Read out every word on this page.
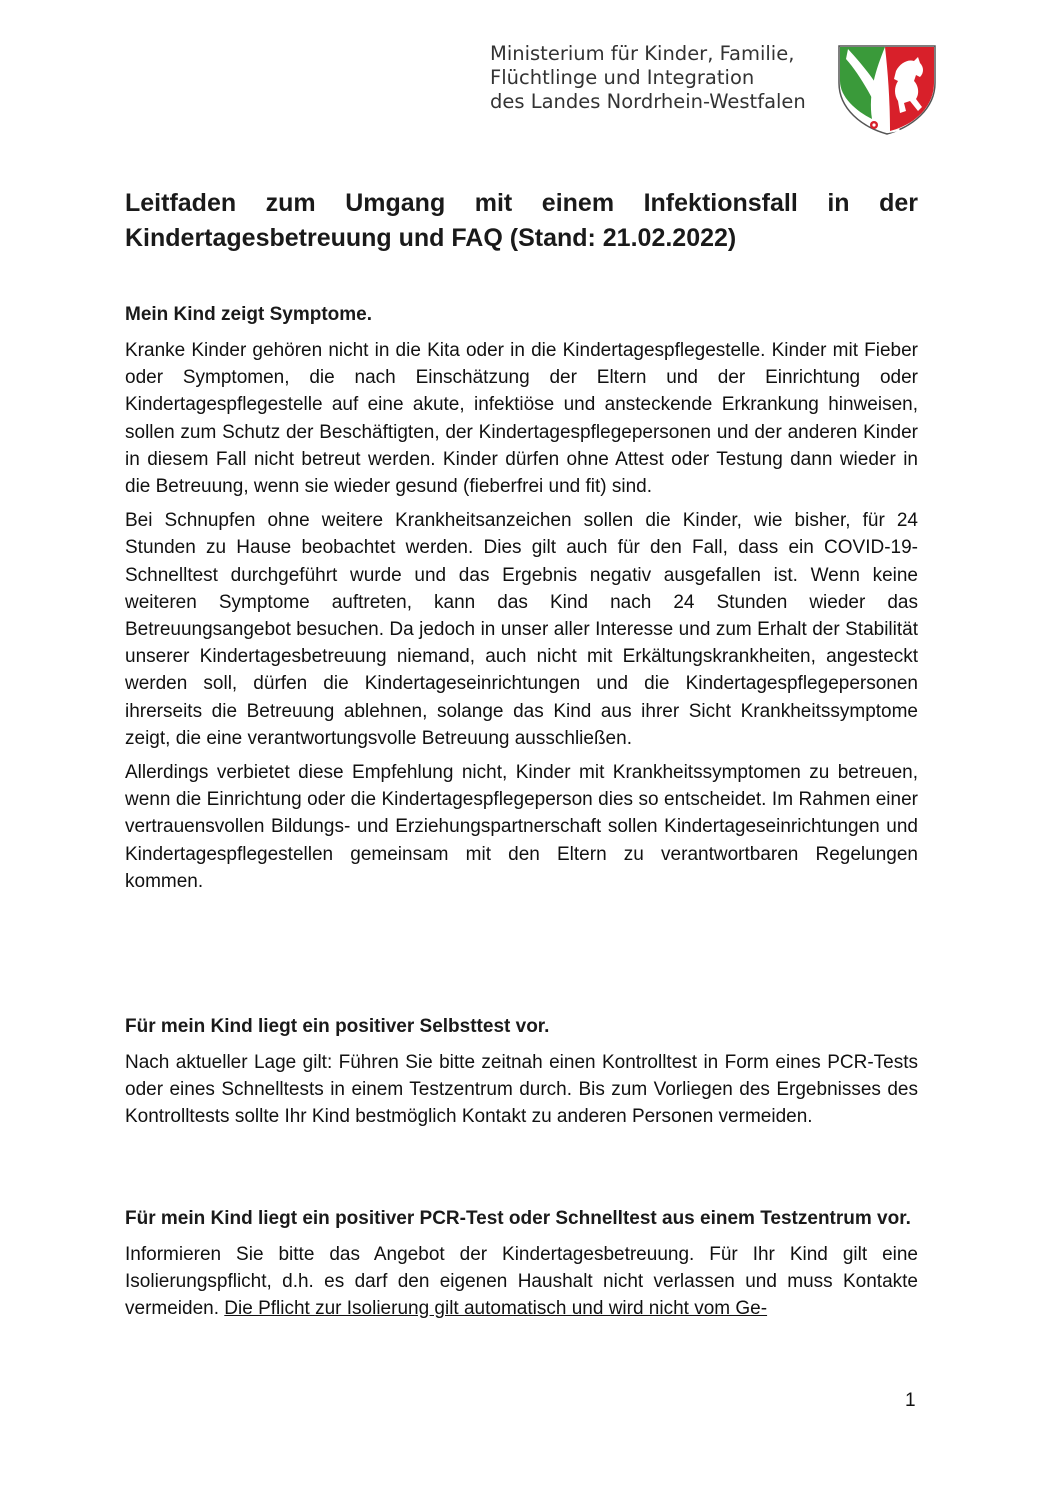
Ministerium für Kinder, Familie,
Flüchtlinge und Integration
des Landes Nordrhein-Westfalen
Leitfaden zum Umgang mit einem Infektionsfall in der
Kindertagesbetreuung und FAQ (Stand: 21.02.2022)
Mein Kind zeigt Symptome.

Kranke Kinder gehören nicht in die Kita oder in die Kindertagespflegestelle. Kinder mit Fieber oder Symptomen, die nach Einschätzung der Eltern und der Einrichtung oder Kindertagespflegestelle auf eine akute, infektiöse und ansteckende Erkrankung hinweisen, sollen zum Schutz der Beschäftigten, der Kindertagespflegepersonen und der anderen Kinder in diesem Fall nicht betreut werden. Kinder dürfen ohne Attest oder Testung dann wieder in die Betreuung, wenn sie wieder gesund (fieberfrei und fit) sind.

Bei Schnupfen ohne weitere Krankheitsanzeichen sollen die Kinder, wie bisher, für 24 Stunden zu Hause beobachtet werden. Dies gilt auch für den Fall, dass ein COVID-19-Schnelltest durchgeführt wurde und das Ergebnis negativ ausgefallen ist. Wenn keine weiteren Symptome auftreten, kann das Kind nach 24 Stunden wieder das Betreuungsangebot besuchen. Da jedoch in unser aller Interesse und zum Erhalt der Stabilität unserer Kindertagesbetreuung niemand, auch nicht mit Erkältungskrankheiten, angesteckt werden soll, dürfen die Kindertageseinrichtungen und die Kindertagespflegepersonen ihrerseits die Betreuung ablehnen, solange das Kind aus ihrer Sicht Krankheitssymptome zeigt, die eine verantwortungsvolle Betreuung ausschließen.

Allerdings verbietet diese Empfehlung nicht, Kinder mit Krankheitssymptomen zu betreuen, wenn die Einrichtung oder die Kindertagespflegeperson dies so entscheidet. Im Rahmen einer vertrauensvollen Bildungs- und Erziehungspartnerschaft sollen Kindertageseinrichtungen und Kindertagespflegestellen gemeinsam mit den Eltern zu verantwortbaren Regelungen kommen.

Für mein Kind liegt ein positiver Selbsttest vor.

Nach aktueller Lage gilt: Führen Sie bitte zeitnah einen Kontrolltest in Form eines PCR-Tests oder eines Schnelltests in einem Testzentrum durch. Bis zum Vorliegen des Ergebnisses des Kontrolltests sollte Ihr Kind bestmöglich Kontakt zu anderen Personen vermeiden.

Für mein Kind liegt ein positiver PCR-Test oder Schnelltest aus einem Testzentrum vor.

Informieren Sie bitte das Angebot der Kindertagesbetreuung. Für Ihr Kind gilt eine Isolierungspflicht, d.h. es darf den eigenen Haushalt nicht verlassen und muss Kontakte vermeiden. Die Pflicht zur Isolierung gilt automatisch und wird nicht vom Ge-

1
